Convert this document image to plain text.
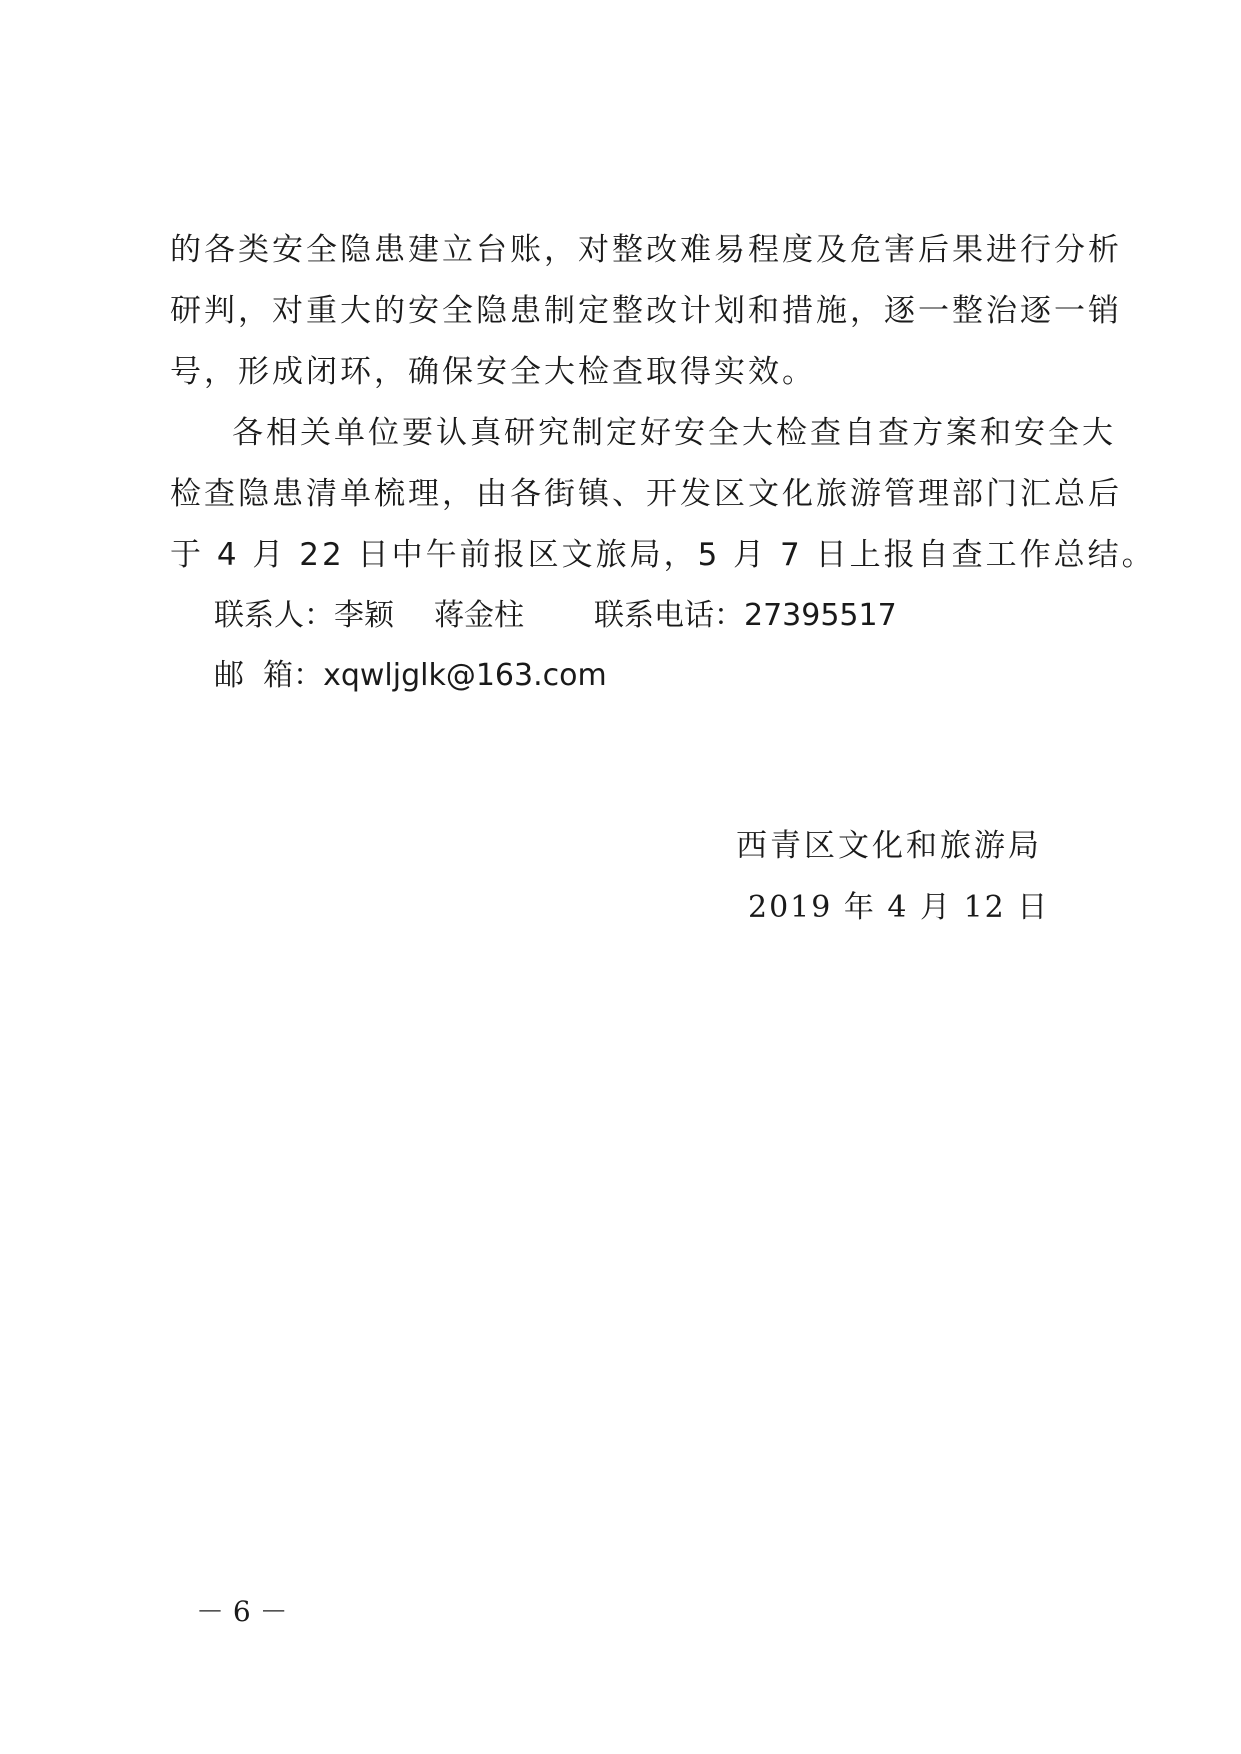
的各类安全隐患建立台账，对整改难易程度及危害后果进行分析
研判，对重大的安全隐患制定整改计划和措施，逐一整治逐一销
号，形成闭环，确保安全大检查取得实效。
各相关单位要认真研究制定好安全大检查自查方案和安全大
检查隐患清单梳理，由各街镇、开发区文化旅游管理部门汇总后
于 4 月 22 日中午前报区文旅局，5 月 7 日上报自查工作总结。
联系人：李颖 蒋金柱 联系电话：27395517
邮  箱：xqwljglk@163.com
西青区文化和旅游局
2019 年 4 月 12 日
－ 6 －
